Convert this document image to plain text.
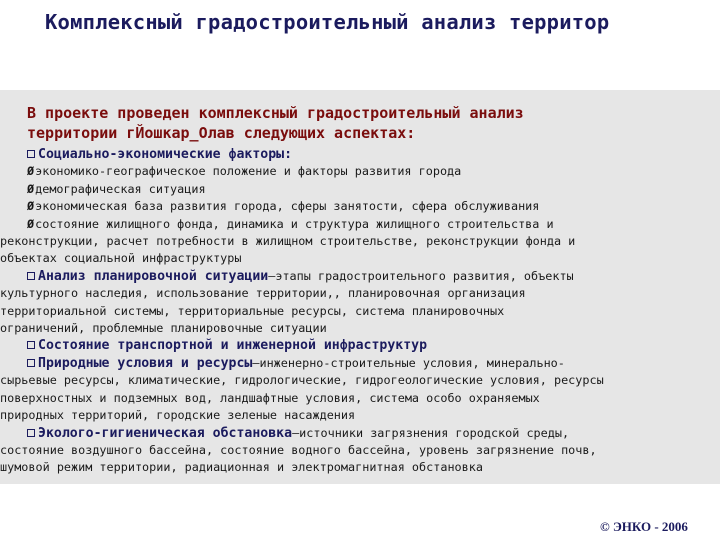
Комплексный градостроительный анализ территор
В проекте проведен комплексный градостроительный анализ
территории гЙошкар_Олав следующих аспектах:
Социально-экономические факторы:
Øэкономико-географическое положение и факторы развития города
Øдемографическая ситуация
Øэкономическая база развития города, сферы занятости, сфера обслуживания
Øсостояние жилищного фонда, динамика и структура жилищного строительства и
реконструкции, расчет потребности в жилищном строительстве, реконструкции фонда и
объектах социальной инфраструктуры
Анализ планировочной ситуации–этапы градостроительного развития, объекты
культурного наследия, использование территории,, планировочная организация
территориальной системы, территориальные ресурсы, система планировочных
ограничений, проблемные планировочные ситуации
Состояние транспортной и инженерной инфраструктур
Природные условия и ресурсы–инженерно-строительные условия, минерально-
сырьевые ресурсы, климатические, гидрологические, гидрогеологические условия, ресурсы
поверхностных и подземных вод, ландшафтные условия, система особо охраняемых
природных территорий, городские зеленые насаждения
Эколого-гигиеническая обстановка–источники загрязнения городской среды,
состояние воздушного бассейна, состояние водного бассейна, уровень загрязнение почв,
шумовой режим территории, радиационная и электромагнитная обстановка
© ЭНКО - 2006
